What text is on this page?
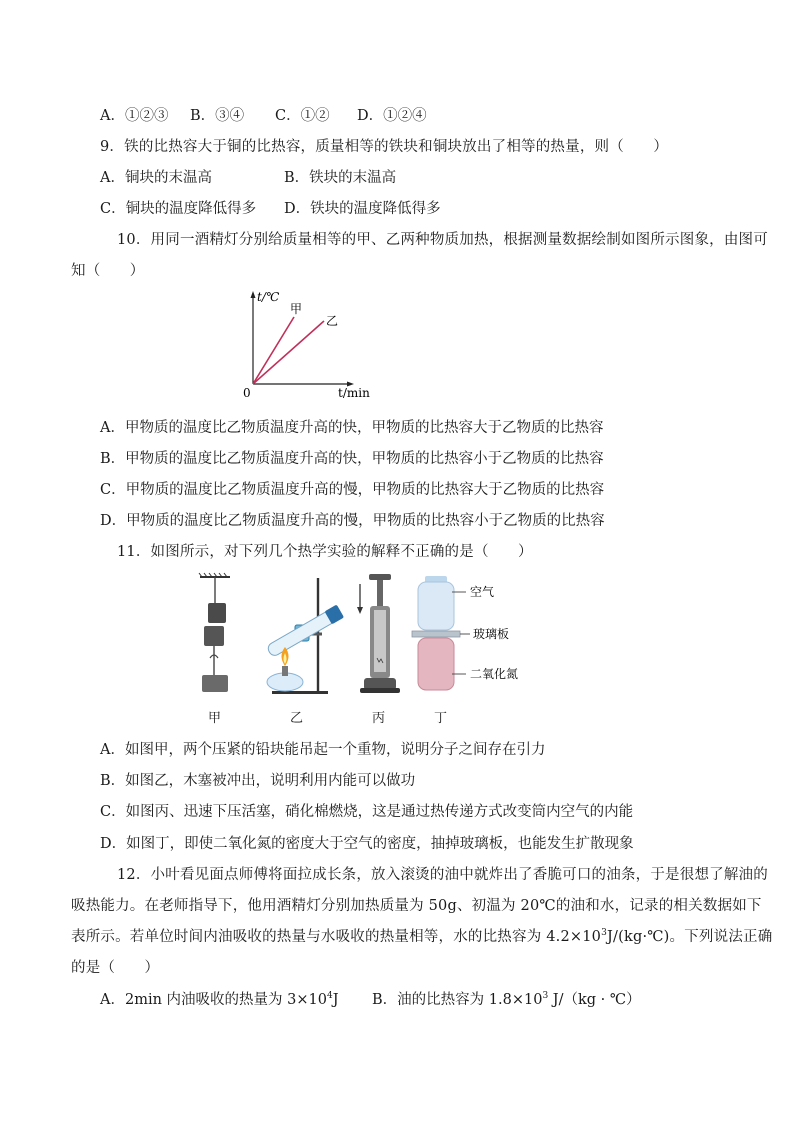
A．①②③ B．③④ C．①② D．①②④
9．铁的比热容大于铜的比热容，质量相等的铁块和铜块放出了相等的热量，则（　　）
A．铜块的末温高	B．铁块的末温高
C．铜块的温度降低得多 D．铁块的温度降低得多
10．用同一酒精灯分别给质量相等的甲、乙两种物质加热，根据测量数据绘制如图所示图象，由图可
知（　　）
t/℃
t/min
0
甲
乙
A．甲物质的温度比乙物质温度升高的快，甲物质的比热容大于乙物质的比热容
B．甲物质的温度比乙物质温度升高的快，甲物质的比热容小于乙物质的比热容
C．甲物质的温度比乙物质温度升高的慢，甲物质的比热容大于乙物质的比热容
D．甲物质的温度比乙物质温度升高的慢，甲物质的比热容小于乙物质的比热容
11．如图所示，对下列几个热学实验的解释不正确的是（　　）
空气
玻璃板
二氧化氮
甲	乙	丙	丁
A．如图甲，两个压紧的铅块能吊起一个重物，说明分子之间存在引力
B．如图乙，木塞被冲出，说明利用内能可以做功
C．如图丙、迅速下压活塞，硝化棉燃烧，这是通过热传递方式改变筒内空气的内能
D．如图丁，即使二氧化氮的密度大于空气的密度，抽掉玻璃板，也能发生扩散现象
12．小叶看见面点师傅将面拉成长条，放入滚烫的油中就炸出了香脆可口的油条，于是很想了解油的
吸热能力。在老师指导下，他用酒精灯分别加热质量为 50g、初温为 20℃的油和水，记录的相关数据如下
表所示。若单位时间内油吸收的热量与水吸收的热量相等，水的比热容为 $4.2\times 10^3J/(kg\cdot℃)$。下列说法正确
的是（　　）
A．2min 内油吸收的热量为 $3\times 10^4J$ B．油的比热容为 $1.8\times 10^3$ J/（kg · ℃）
